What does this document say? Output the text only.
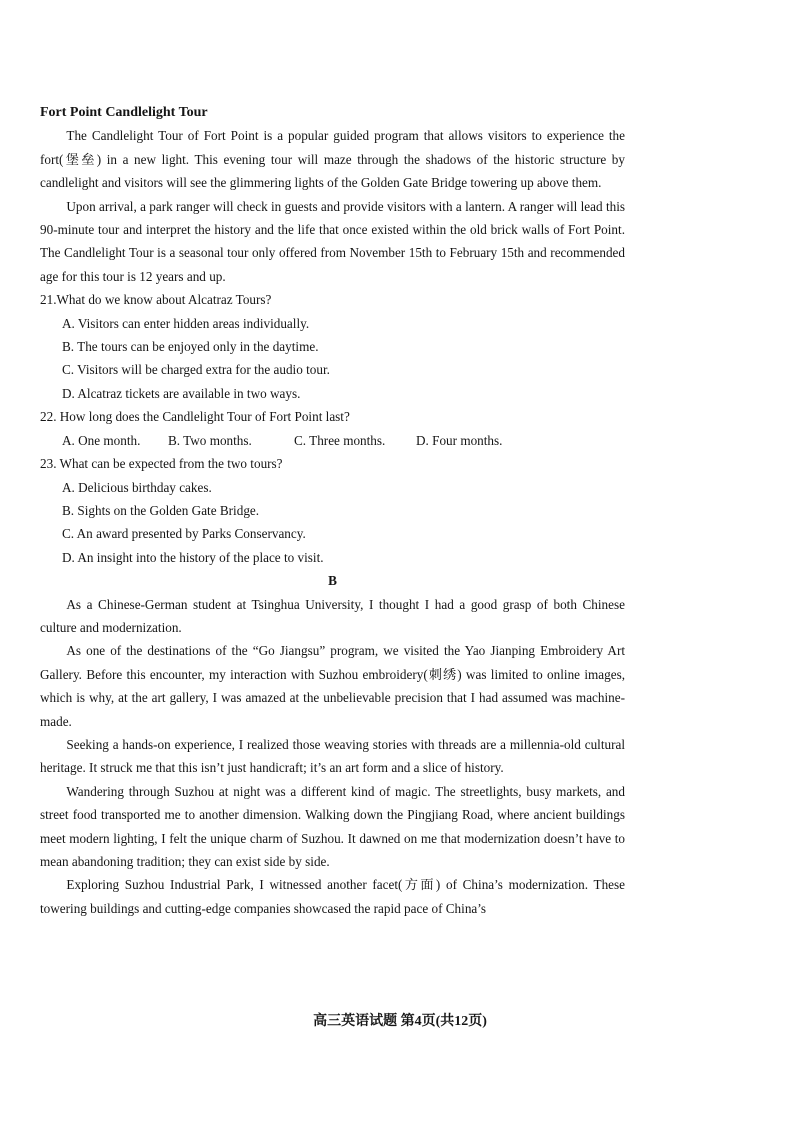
Fort Point Candlelight Tour

The Candlelight Tour of Fort Point is a popular guided program that allows visitors to experience the fort(堡垒) in a new light. This evening tour will maze through the shadows of the historic structure by candlelight and visitors will see the glimmering lights of the Golden Gate Bridge towering up above them.

Upon arrival, a park ranger will check in guests and provide visitors with a lantern. A ranger will lead this 90-minute tour and interpret the history and the life that once existed within the old brick walls of Fort Point. The Candlelight Tour is a seasonal tour only offered from November 15th to February 15th and recommended age for this tour is 12 years and up.

21.What do we know about Alcatraz Tours?

A. Visitors can enter hidden areas individually.

B. The tours can be enjoyed only in the daytime.

C. Visitors will be charged extra for the audio tour.

D. Alcatraz tickets are available in two ways.

22. How long does the Candlelight Tour of Fort Point last?

A. One month.	B. Two months.	C. Three months.	D. Four months.

23. What can be expected from the two tours?

A. Delicious birthday cakes.

B. Sights on the Golden Gate Bridge.

C. An award presented by Parks Conservancy.

D. An insight into the history of the place to visit.

B

As a Chinese-German student at Tsinghua University, I thought I had a good grasp of both Chinese culture and modernization.

As one of the destinations of the “Go Jiangsu” program, we visited the Yao Jianping Embroidery Art Gallery. Before this encounter, my interaction with Suzhou embroidery(刺绣) was limited to online images, which is why, at the art gallery, I was amazed at the unbelievable precision that I had assumed was machine-made.

Seeking a hands-on experience, I realized those weaving stories with threads are a millennia-old cultural heritage. It struck me that this isn’t just handicraft; it’s an art form and a slice of history.

Wandering through Suzhou at night was a different kind of magic. The streetlights, busy markets, and street food transported me to another dimension. Walking down the Pingjiang Road, where ancient buildings meet modern lighting, I felt the unique charm of Suzhou. It dawned on me that modernization doesn’t have to mean abandoning tradition; they can exist side by side.

Exploring Suzhou Industrial Park, I witnessed another facet(方面) of China’s modernization. These towering buildings and cutting-edge companies showcased the rapid pace of China’s

高三英语试题 第4页(共12页)
